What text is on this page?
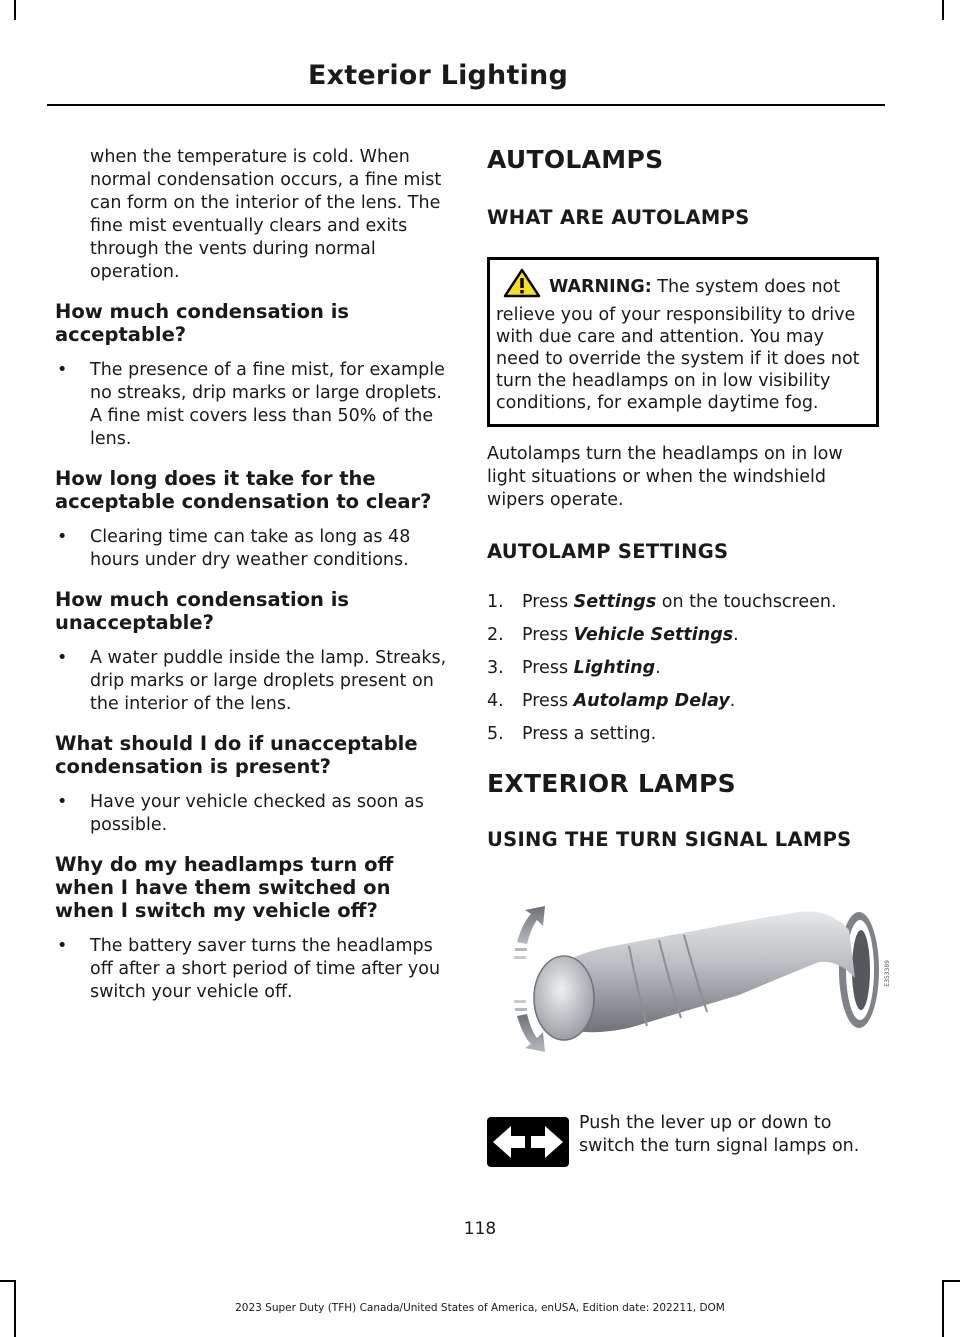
Exterior Lighting

when the temperature is cold. When normal condensation occurs, a fine mist can form on the interior of the lens. The fine mist eventually clears and exits through the vents during normal operation.

How much condensation is acceptable?
• The presence of a fine mist, for example no streaks, drip marks or large droplets. A fine mist covers less than 50% of the lens.
How long does it take for the acceptable condensation to clear?
• Clearing time can take as long as 48 hours under dry weather conditions.
How much condensation is unacceptable?
• A water puddle inside the lamp. Streaks, drip marks or large droplets present on the interior of the lens.
What should I do if unacceptable condensation is present?
• Have your vehicle checked as soon as possible.
Why do my headlamps turn off when I have them switched on when I switch my vehicle off?
• The battery saver turns the headlamps off after a short period of time after you switch your vehicle off.
AUTOLAMPS
WHAT ARE AUTOLAMPS
WARNING: The system does not relieve you of your responsibility to drive with due care and attention. You may need to override the system if it does not turn the headlamps on in low visibility conditions, for example daytime fog.

Autolamps turn the headlamps on in low light situations or when the windshield wipers operate.

AUTOLAMP SETTINGS
1. Press Settings on the touchscreen.
2. Press Vehicle Settings.
3. Press Lighting.
4. Press Autolamp Delay.
5. Press a setting.
EXTERIOR LAMPS
USING THE TURN SIGNAL LAMPS
E353389
Push the lever up or down to switch the turn signal lamps on.
118
2023 Super Duty (TFH) Canada/United States of America, enUSA, Edition date: 202211, DOM
